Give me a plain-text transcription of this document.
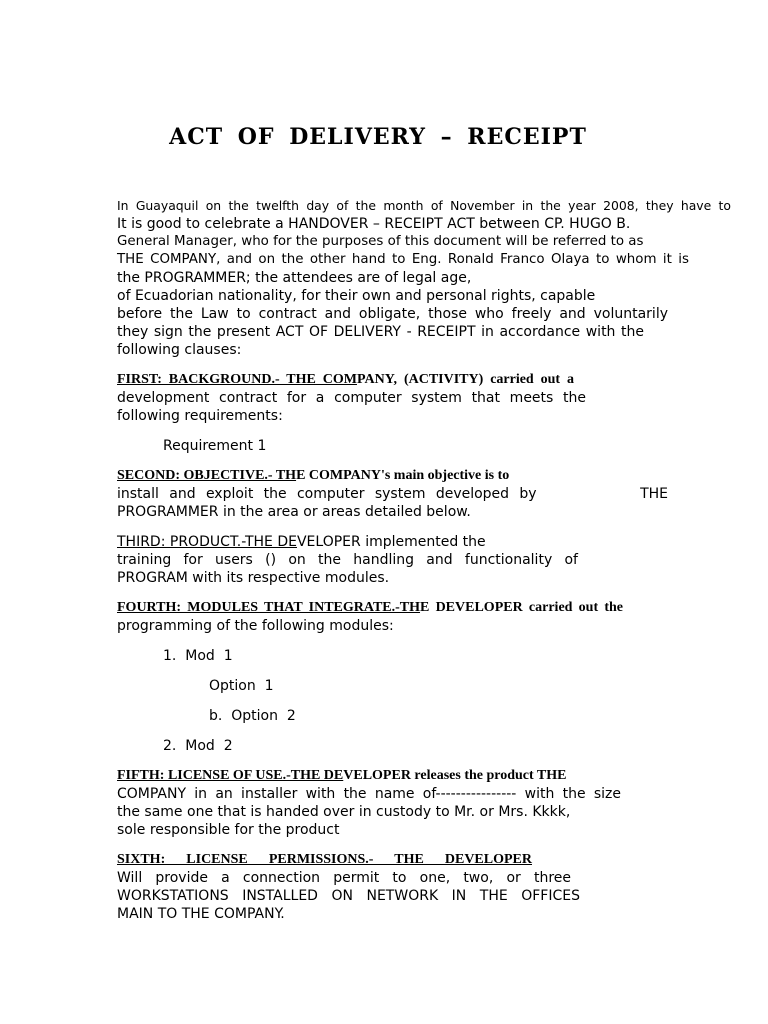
ACT OF DELIVERY – RECEIPT
In Guayaquil on the twelfth day of the month of November in the year 2008, they have to
It is good to celebrate a HANDOVER – RECEIPT ACT between CP. HUGO B.
General Manager, who for the purposes of this document will be referred to as
THE COMPANY, and on the other hand to Eng. Ronald Franco Olaya to whom it is
the PROGRAMMER; the attendees are of legal age,
of Ecuadorian nationality, for their own and personal rights, capable
before the Law to contract and obligate, those who freely and voluntarily
they sign the present ACT OF DELIVERY - RECEIPT in accordance with the
following clauses:
FIRST: BACKGROUND.- THE COMPANY, (ACTIVITY) carried out a
development contract for a computer system that meets the
following requirements:
Requirement 1
SECOND: OBJECTIVE.- THE COMPANY's main objective is to
install and exploit the computer system developed by          THE
PROGRAMMER in the area or areas detailed below.
THIRD: PRODUCT.-THE DEVELOPER implemented the
training for users () on the handling and functionality of
PROGRAM with its respective modules.
FOURTH: MODULES THAT INTEGRATE.-THE DEVELOPER carried out the
programming of the following modules:
1.  Mod  1
Option  1
b.  Option  2
2.  Mod  2
FIFTH: LICENSE OF USE.-THE DEVELOPER releases the product THE
COMPANY in an installer with the name of---------------- with the size
the same one that is handed over in custody to Mr. or Mrs. Kkkk,
sole responsible for the product
SIXTH: LICENSE PERMISSIONS.- THE DEVELOPER
Will provide a connection permit to one, two, or three
WORKSTATIONS INSTALLED ON NETWORK IN THE OFFICES
MAIN TO THE COMPANY.
